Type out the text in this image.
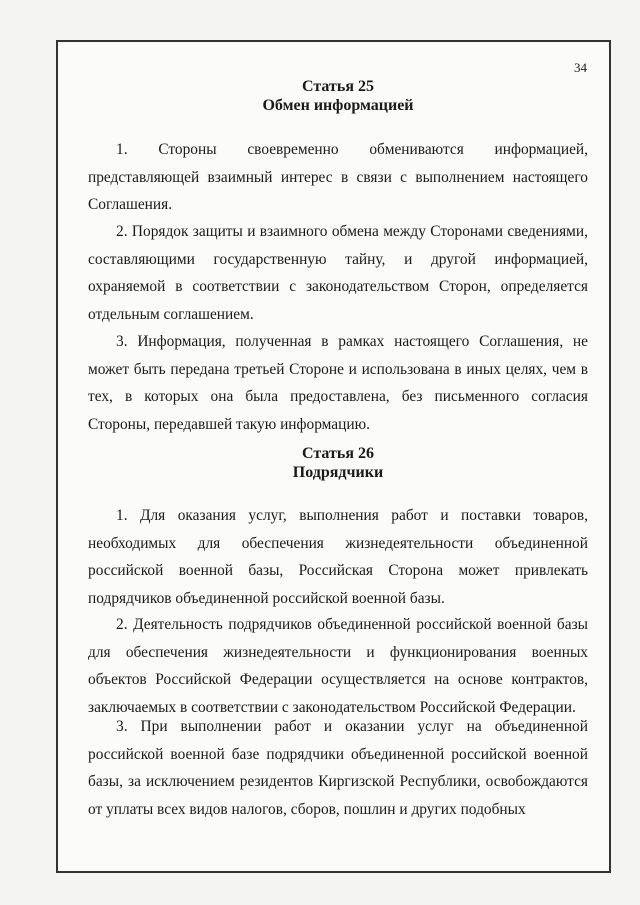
34
Статья 25
Обмен информацией
1. Стороны своевременно обмениваются информацией, представляющей взаимный интерес в связи с выполнением настоящего Соглашения.
2. Порядок защиты и взаимного обмена между Сторонами сведениями, составляющими государственную тайну, и другой информацией, охраняемой в соответствии с законодательством Сторон, определяется отдельным соглашением.
3. Информация, полученная в рамках настоящего Соглашения, не может быть передана третьей Стороне и использована в иных целях, чем в тех, в которых она была предоставлена, без письменного согласия Стороны, передавшей такую информацию.
Статья 26
Подрядчики
1. Для оказания услуг, выполнения работ и поставки товаров, необходимых для обеспечения жизнедеятельности объединенной российской военной базы, Российская Сторона может привлекать подрядчиков объединенной российской военной базы.
2. Деятельность подрядчиков объединенной российской военной базы для обеспечения жизнедеятельности и функционирования военных объектов Российской Федерации осуществляется на основе контрактов, заключаемых в соответствии с законодательством Российской Федерации.
3. При выполнении работ и оказании услуг на объединенной российской военной базе подрядчики объединенной российской военной базы, за исключением резидентов Киргизской Республики, освобождаются от уплаты всех видов налогов, сборов, пошлин и других подобных
